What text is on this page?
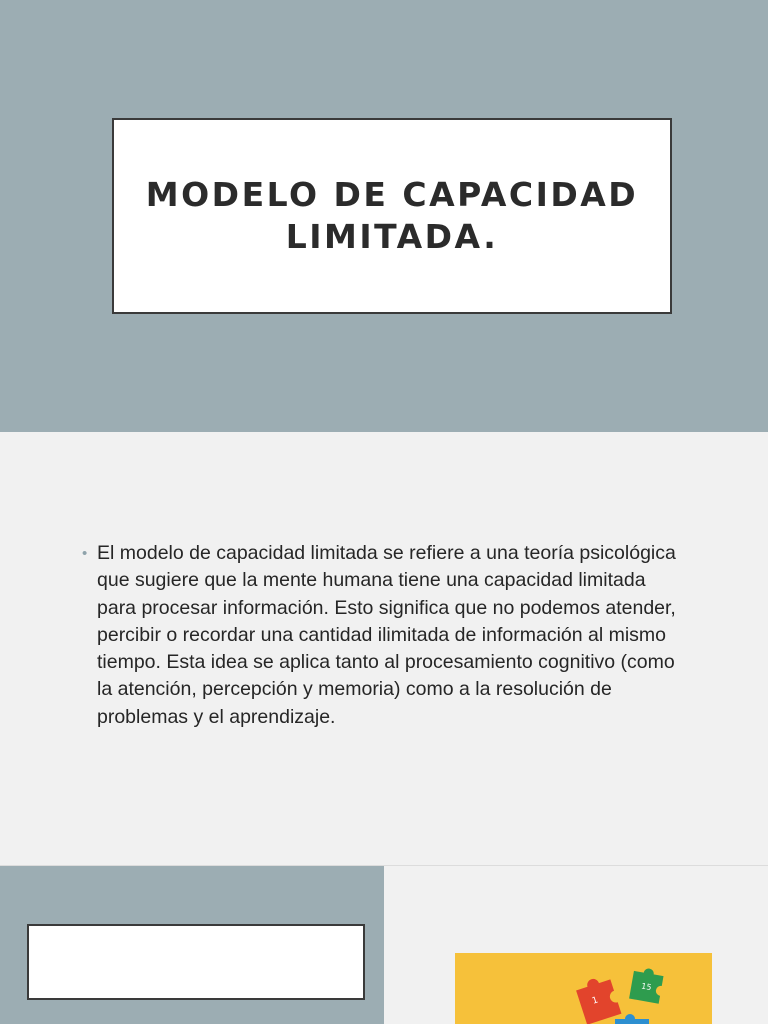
MODELO DE CAPACIDAD LIMITADA.
• El modelo de capacidad limitada se refiere a una teoría psicológica que sugiere que la mente humana tiene una capacidad limitada para procesar información. Esto significa que no podemos atender, percibir o recordar una cantidad ilimitada de información al mismo tiempo. Esta idea se aplica tanto al procesamiento cognitivo (como la atención, percepción y memoria) como a la resolución de problemas y el aprendizaje.
1
15
